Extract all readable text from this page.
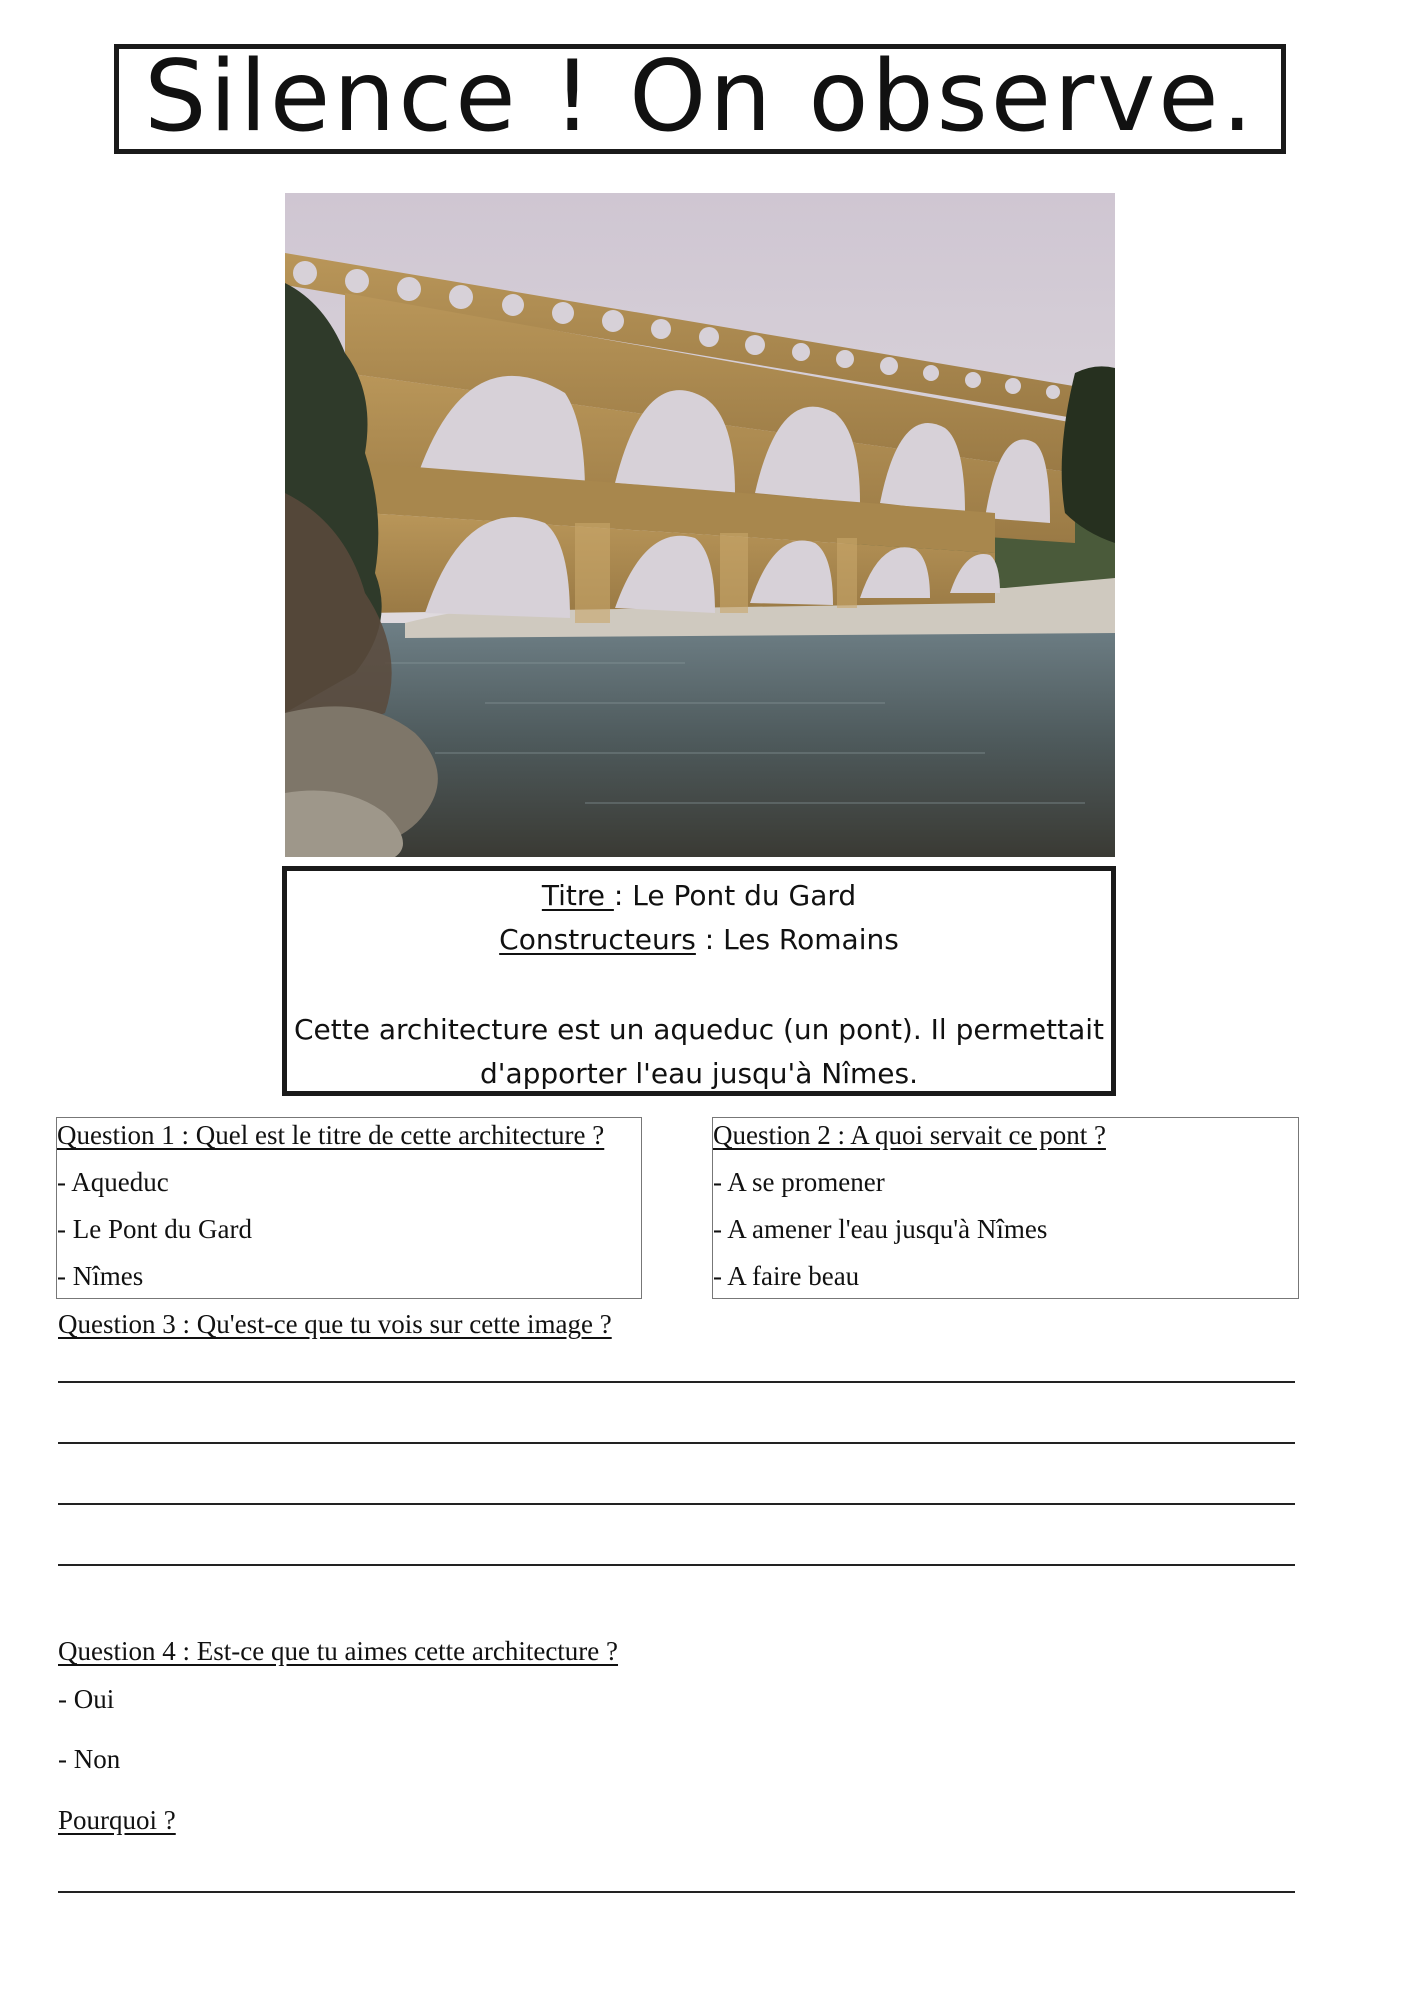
Silence ! On observe.
Titre : Le Pont du Gard
Constructeurs : Les Romains
Cette architecture est un aqueduc (un pont). Il permettait
d'apporter l'eau jusqu'à Nîmes.
Question 1 : Quel est le titre de cette architecture ?
- Aqueduc
- Le Pont du Gard
- Nîmes
Question 2 : A quoi servait ce pont ?
- A se promener
- A amener l'eau jusqu'à Nîmes
- A faire beau
Question 3 : Qu'est-ce que tu vois sur cette image ?
Question 4 : Est-ce que tu aimes cette architecture ?
- Oui
- Non
Pourquoi ?
